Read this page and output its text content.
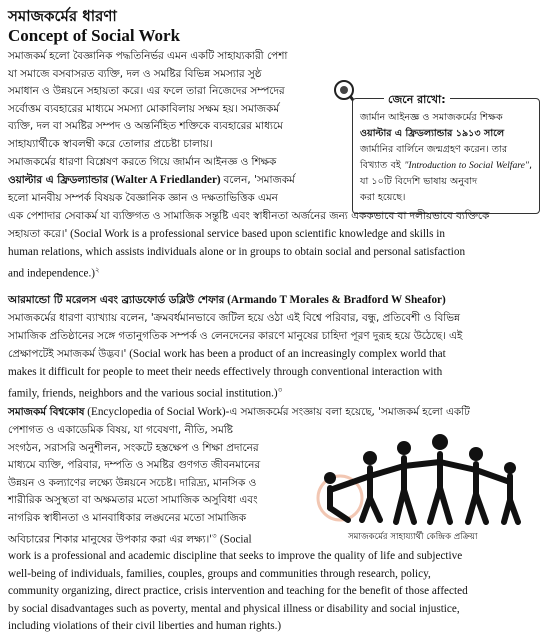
সমাজকর্মের ধারণা
Concept of Social Work
সমাজকর্ম হলো বৈজ্ঞানিক পদ্ধতিনির্ভর এমন একটি সাহায্যকারী পেশা
যা সমাজে বসবাসরত ব্যক্তি, দল ও সমষ্টির বিভিন্ন সমস্যার সুষ্ঠ
সমাধান ও উন্নয়নে সহায়তা করে। এর ফলে তারা নিজেদের সম্পদের
সর্বোত্তম ব্যবহারের মাধ্যমে সমস্যা মোকাবিলায় সক্ষম হয়। সমাজকর্ম
ব্যক্তি, দল বা সমষ্টির সম্পদ ও অন্তর্নিহিত শক্তিকে ব্যবহারের মাধ্যমে
সাহায্যার্থীকে স্বাবলম্বী করে তোলার প্রচেষ্টা চালায়।
জেনে রাখো:
জার্মান আইনজ্ঞ ও সমাজকর্মের শিক্ষক
ওয়াল্টার এ ফ্রিডল্যান্ডার ১৯১৩ সালে
জার্মানির বার্লিনে জন্মগ্রহণ করেন। তার
বিখ্যাত বই "Introduction to Social Welfare", যা ১০টি বিদেশি ভাষায় অনুবাদ
করা হয়েছে।
সমাজকর্মের ধারণা বিশ্লেষণ করতে গিয়ে জার্মান আইনজ্ঞ ও শিক্ষক
ওয়াল্টার এ ফ্রিডল্যান্ডার (Walter A Friedlander) বলেন, 'সমাজকর্ম
হলো মানবীয় সম্পর্ক বিষয়ক বৈজ্ঞানিক জ্ঞান ও দক্ষতাভিত্তিক এমন
এক পেশাদার সেবাকর্ম যা ব্যক্তিগত ও সামাজিক সন্তুষ্টি এবং স্বাধীনতা অর্জনের জন্য এককভাবে বা দলীয়ভাবে ব্যক্তিকে
সহায়তা করে।' (Social Work is a professional service based upon scientific knowledge and skills in
human relations, which assists individuals alone or in groups to obtain social and personal satisfaction
and independence.)$^২$
আরমান্ডো টি মরেলস এবং ব্র্যাডফোর্ড ডব্লিউ শেফার (Armando T Morales & Bradford W Sheafor)
সমাজকর্মের ধারণা ব্যাখ্যায় বলেন, 'ক্রমবর্ধমানভাবে জটিল হয়ে ওঠা এই বিশ্বে পরিবার, বন্ধু, প্রতিবেশী ও বিভিন্ন
সামাজিক প্রতিষ্ঠানের সঙ্গে গতানুগতিক সম্পর্ক ও লেনদেনের কারণে মানুষের চাহিদা পূরণ দুরূহ হয়ে উঠেছে। এই
প্রেক্ষাপটেই সমাজকর্ম উদ্ভব।' (Social work has been a product of an increasingly complex world that
makes it difficult for people to meet their needs effectively through conventional interaction with
family, friends, neighbors and the various social institution.)$^৩$
সমাজকর্ম বিশ্বকোষ (Encyclopedia of Social Work)-এ সমাজকর্মের সংজ্ঞায় বলা হয়েছে, 'সমাজকর্ম হলো একটি
পেশাগত ও একাডেমিক বিষয়, যা গবেষণা, নীতি, সমষ্টি
সংগঠন, সরাসরি অনুশীলন, সংকটে হস্তক্ষেপ ও শিক্ষা প্রদানের
মাধ্যমে ব্যক্তি, পরিবার, দম্পতি ও সমষ্টির গুণগত জীবনমানের
উন্নয়ন ও কল্যাণের লক্ষ্যে উন্নয়নে সচেষ্ট। দারিদ্র্য, মানসিক ও
শারীরিক অসুস্থতা বা অক্ষমতার মতো সামাজিক অসুবিধা এবং
নাগরিক স্বাধীনতা ও মানবাধিকার লঙ্ঘনের মতো সামাজিক
অবিচারের শিকার মানুষের উপকার করা এর $লক্ষ্য।'^৩$ (Social
work is a professional and academic discipline that seeks to improve the quality of life and subjective
well-being of individuals, families, couples, groups and communities through research, policy,
community organizing, direct practice, crisis intervention and teaching for the benefit of those affected
by social disadvantages such as poverty, mental and physical illness or disability and social injustice,
including violations of their civil liberties and human rights.)
সমাজকর্মের সাহায্যার্থী কেন্দ্রিক প্রক্রিয়া
